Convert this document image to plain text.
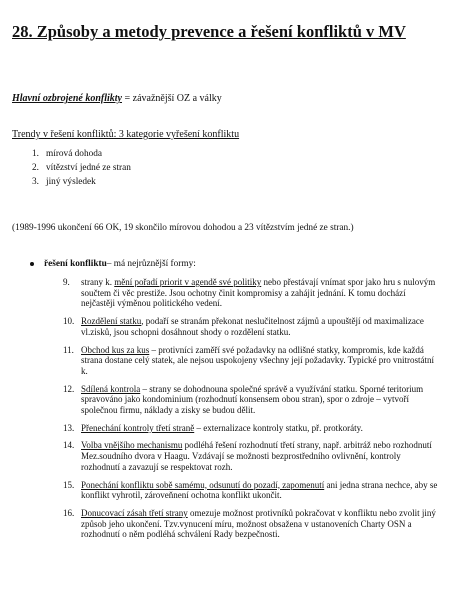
28. Způsoby a metody prevence a řešení konfliktů v MV
Hlavní ozbrojené konflikty = závažnější OZ a války
Trendy v řešení konfliktů: 3 kategorie vyřešení konfliktu
1. mírová dohoda
2. vítězství jedné ze stran
3. jiný výsledek
(1989-1996 ukončení 66 OK, 19 skončilo mírovou dohodou a 23 vítězstvím jedné ze stran.)
řešení konfliktu – má nejrůznější formy:
9.	strany k. mění pořadí priorit v agendě své politiky nebo přestávají vnímat spor jako hru s nulovým součtem či věc prestiže. Jsou ochotny činit kompromisy a zahájit jednání. K tomu dochází nejčastěji výměnou politického vedení.
10. Rozdělení statku, podaří se stranám překonat neslučitelnost zájmů a upouštějí od maximalizace vl.zisků, jsou schopni dosáhnout shody o rozdělení statku.
11. Obchod kus za kus – protivníci zaměří své požadavky na odlišné statky, kompromis, kde každá strana dostane celý statek, ale nejsou uspokojeny všechny její požadavky. Typické pro vnitrostátní k.
12. Sdílená kontrola – strany se dohodnouna společné správě a využívání statku. Sporné teritorium spravováno jako kondominium (rozhodnutí konsensem obou stran), spor o zdroje – vytvoří společnou firmu, náklady a zisky se budou dělit.
13. Přenechání kontroly třetí straně – externalizace kontroly statku, př. protkoráty.
14. Volba vnějšího mechanismu podléhá řešení rozhodnutí třetí strany, např. arbitráž nebo rozhodnutí Mez.soudního dvora v Haagu. Vzdávají se možnosti bezprostředního ovlivnění, kontroly rozhodnutí a zavazují se respektovat rozh.
15. Ponechání konfliktu sobě samému, odsunutí do pozadí, zapomenutí ani jedna strana nechce, aby se konflikt vyhrotil, zároveňnení ochotna konflikt ukončit.
16. Donucovací zásah třetí strany omezuje možnost protivníků pokračovat v konfliktu nebo zvolit jiný způsob jeho ukončení. Tzv.vynucení míru, možnost obsažena v ustanoveních Charty OSN a rozhodnutí o něm podléhá schválení Rady bezpečnosti.
